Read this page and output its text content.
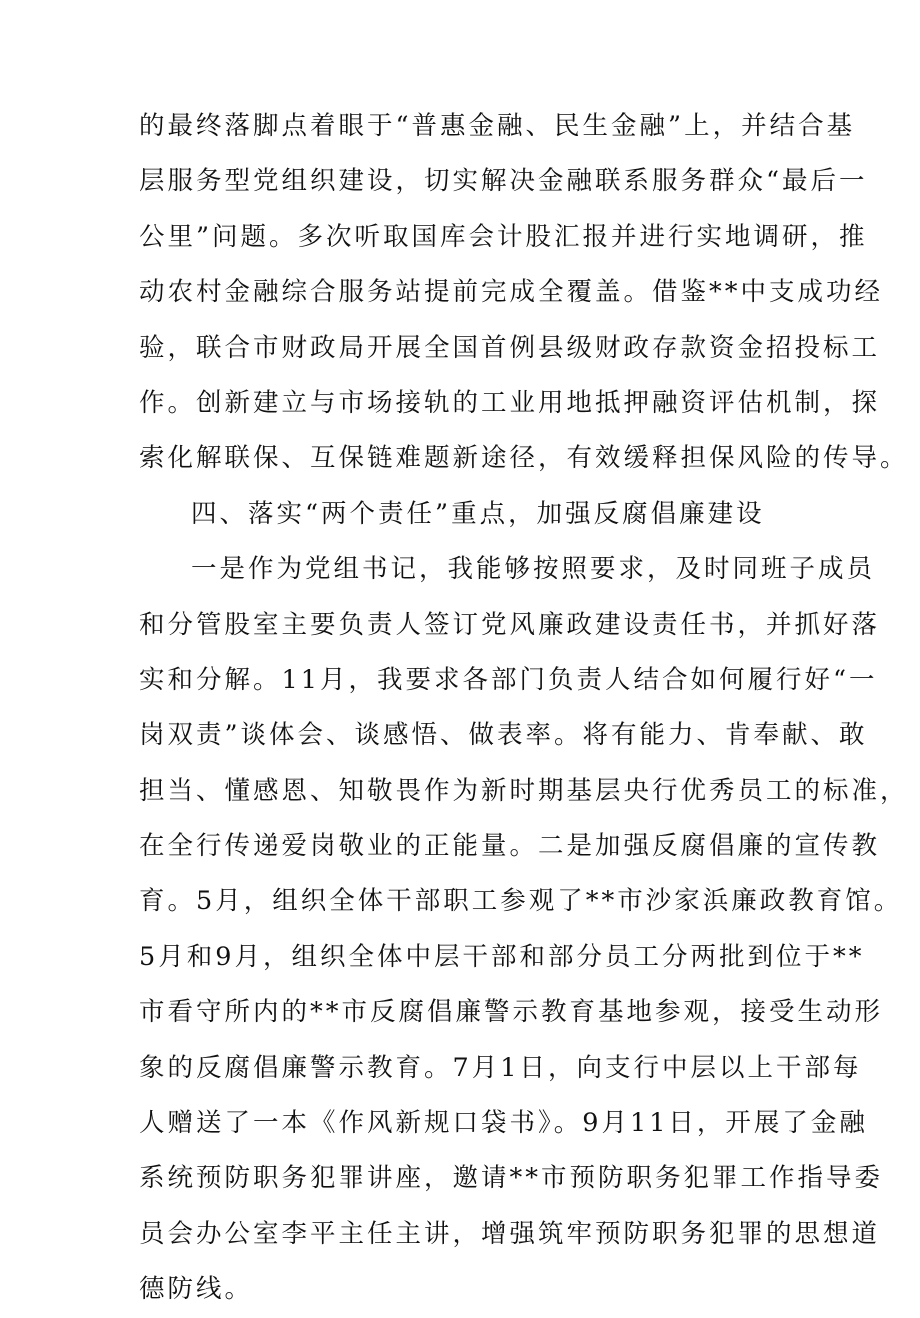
的最终落脚点着眼于“普惠金融、民生金融”上，并结合基
层服务型党组织建设，切实解决金融联系服务群众“最后一
公里”问题。多次听取国库会计股汇报并进行实地调研，推
动农村金融综合服务站提前完成全覆盖。借鉴**中支成功经
验，联合市财政局开展全国首例县级财政存款资金招投标工
作。创新建立与市场接轨的工业用地抵押融资评估机制，探
索化解联保、互保链难题新途径，有效缓释担保风险的传导。
四、落实“两个责任”重点，加强反腐倡廉建设
一是作为党组书记，我能够按照要求，及时同班子成员
和分管股室主要负责人签订党风廉政建设责任书，并抓好落
实和分解。11月，我要求各部门负责人结合如何履行好“一
岗双责”谈体会、谈感悟、做表率。将有能力、肯奉献、敢
担当、懂感恩、知敬畏作为新时期基层央行优秀员工的标准，
在全行传递爱岗敬业的正能量。二是加强反腐倡廉的宣传教
育。5月，组织全体干部职工参观了**市沙家浜廉政教育馆。
5月和9月，组织全体中层干部和部分员工分两批到位于**
市看守所内的**市反腐倡廉警示教育基地参观，接受生动形
象的反腐倡廉警示教育。7月1日，向支行中层以上干部每
人赠送了一本《作风新规口袋书》。9月11日，开展了金融
系统预防职务犯罪讲座，邀请**市预防职务犯罪工作指导委
员会办公室李平主任主讲，增强筑牢预防职务犯罪的思想道
德防线。
